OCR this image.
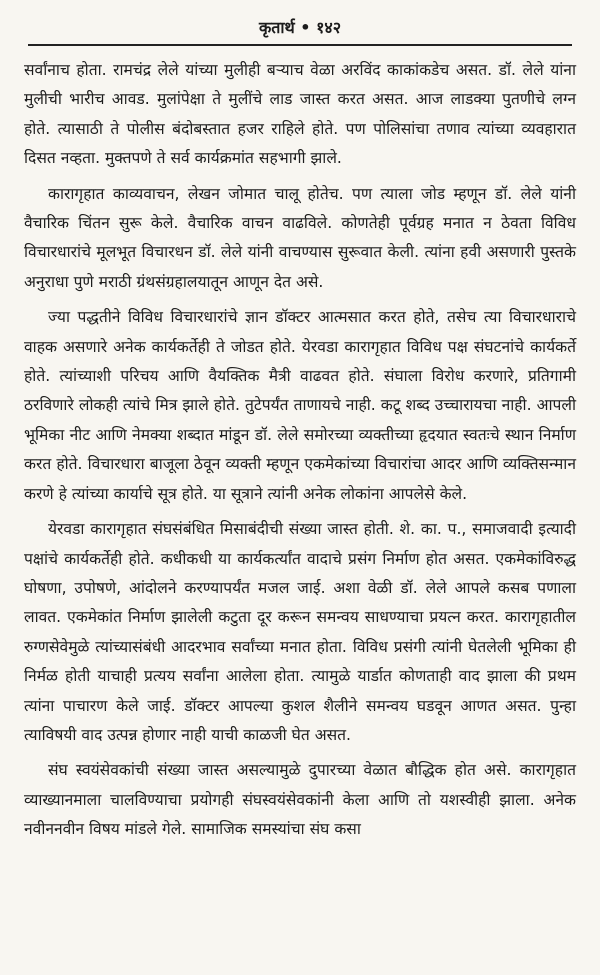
कृतार्थ • १४२

सर्वांनाच होता. रामचंद्र लेले यांच्या मुलीही बऱ्याच वेळा अरविंद काकांकडेच असत. डॉ. लेले यांना मुलीची भारीच आवड. मुलांपेक्षा ते मुलींचे लाड जास्त करत असत. आज लाडक्या पुतणीचे लग्न होते. त्यासाठी ते पोलीस बंदोबस्तात हजर राहिले होते. पण पोलिसांचा तणाव त्यांच्या व्यवहारात दिसत नव्हता. मुक्तपणे ते सर्व कार्यक्रमांत सहभागी झाले.

कारागृहात काव्यवाचन, लेखन जोमात चालू होतेच. पण त्याला जोड म्हणून डॉ. लेले यांनी वैचारिक चिंतन सुरू केले. वैचारिक वाचन वाढविले. कोणतेही पूर्वग्रह मनात न ठेवता विविध विचारधारांचे मूलभूत विचारधन डॉ. लेले यांनी वाचण्यास सुरूवात केली. त्यांना हवी असणारी पुस्तके अनुराधा पुणे मराठी ग्रंथसंग्रहालयातून आणून देत असे.

ज्या पद्धतीने विविध विचारधारांचे ज्ञान डॉक्टर आत्मसात करत होते, तसेच त्या विचारधाराचे वाहक असणारे अनेक कार्यकर्तेही ते जोडत होते. येरवडा कारागृहात विविध पक्ष संघटनांचे कार्यकर्ते होते. त्यांच्याशी परिचय आणि वैयक्तिक मैत्री वाढवत होते. संघाला विरोध करणारे, प्रतिगामी ठरविणारे लोकही त्यांचे मित्र झाले होते. तुटेपर्यंत ताणायचे नाही. कटू शब्द उच्चारायचा नाही. आपली भूमिका नीट आणि नेमक्या शब्दात मांडून डॉ. लेले समोरच्या व्यक्तीच्या हृदयात स्वतःचे स्थान निर्माण करत होते. विचारधारा बाजूला ठेवून व्यक्ती म्हणून एकमेकांच्या विचारांचा आदर आणि व्यक्तिसन्मान करणे हे त्यांच्या कार्याचे सूत्र होते. या सूत्राने त्यांनी अनेक लोकांना आपलेसे केले.

येरवडा कारागृहात संघसंबंधित मिसाबंदीची संख्या जास्त होती. शे. का. प., समाजवादी इत्यादी पक्षांचे कार्यकर्तेही होते. कधीकधी या कार्यकर्त्यांत वादाचे प्रसंग निर्माण होत असत. एकमेकांविरुद्ध घोषणा, उपोषणे, आंदोलने करण्यापर्यंत मजल जाई. अशा वेळी डॉ. लेले आपले कसब पणाला लावत. एकमेकांत निर्माण झालेली कटुता दूर करून समन्वय साधण्याचा प्रयत्न करत. कारागृहातील रुग्णसेवेमुळे त्यांच्यासंबंधी आदरभाव सर्वांच्या मनात होता. विविध प्रसंगी त्यांनी घेतलेली भूमिका ही निर्मळ होती याचाही प्रत्यय सर्वांना आलेला होता. त्यामुळे यार्डात कोणताही वाद झाला की प्रथम त्यांना पाचारण केले जाई. डॉक्टर आपल्या कुशल शैलीने समन्वय घडवून आणत असत. पुन्हा त्याविषयी वाद उत्पन्न होणार नाही याची काळजी घेत असत.

संघ स्वयंसेवकांची संख्या जास्त असल्यामुळे दुपारच्या वेळात बौद्धिक होत असे. कारागृहात व्याख्यानमाला चालविण्याचा प्रयोगही संघस्वयंसेवकांनी केला आणि तो यशस्वीही झाला. अनेक नवीननवीन विषय मांडले गेले. सामाजिक समस्यांचा संघ कसा
